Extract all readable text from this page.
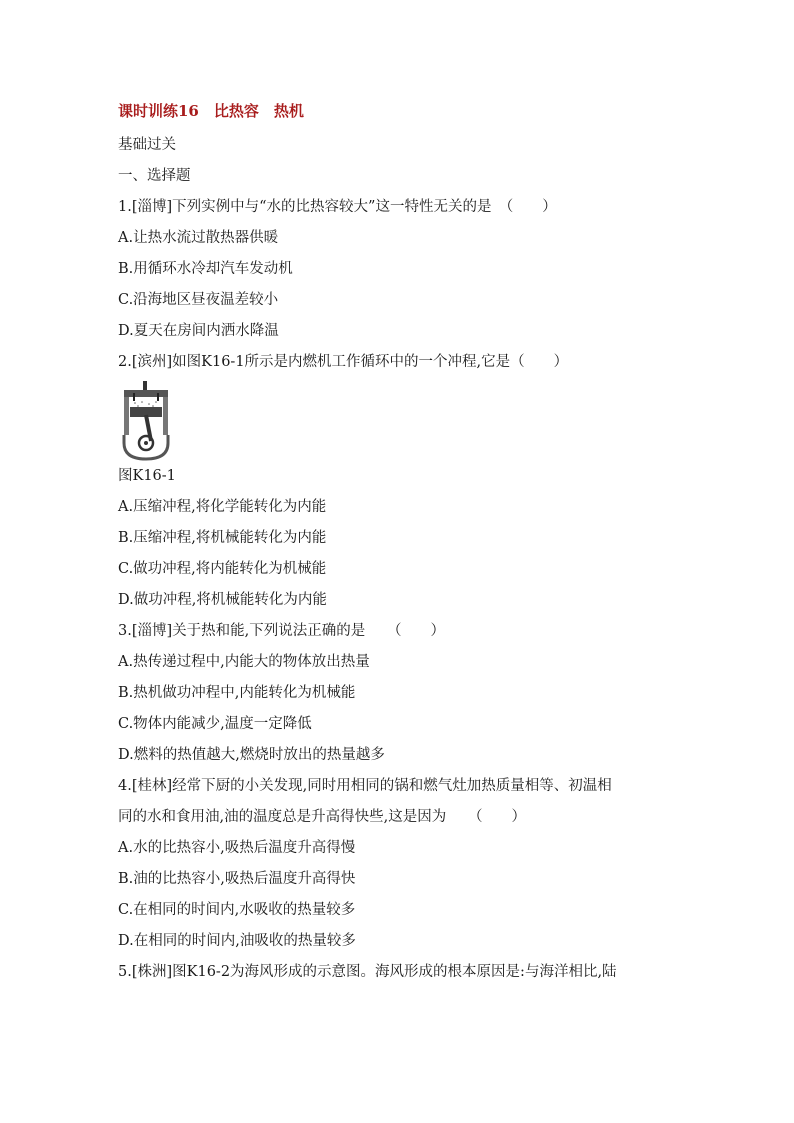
课时训练16　比热容　热机
基础过关
一、选择题
1.[淄博]下列实例中与“水的比热容较大”这一特性无关的是　（　　）
A.让热水流过散热器供暖
B.用循环水冷却汽车发动机
C.沿海地区昼夜温差较小
D.夏天在房间内洒水降温
2.[滨州]如图K16-1所示是内燃机工作循环中的一个冲程,它是（　　）
图K16-1
A.压缩冲程,将化学能转化为内能
B.压缩冲程,将机械能转化为内能
C.做功冲程,将内能转化为机械能
D.做功冲程,将机械能转化为内能
3.[淄博]关于热和能,下列说法正确的是　　（　　）
A.热传递过程中,内能大的物体放出热量
B.热机做功冲程中,内能转化为机械能
C.物体内能减少,温度一定降低
D.燃料的热值越大,燃烧时放出的热量越多
4.[桂林]经常下厨的小关发现,同时用相同的锅和燃气灶加热质量相等、初温相
同的水和食用油,油的温度总是升高得快些,这是因为　　（　　）
A.水的比热容小,吸热后温度升高得慢
B.油的比热容小,吸热后温度升高得快
C.在相同的时间内,水吸收的热量较多
D.在相同的时间内,油吸收的热量较多
5.[株洲]图K16-2为海风形成的示意图。海风形成的根本原因是:与海洋相比,陆
